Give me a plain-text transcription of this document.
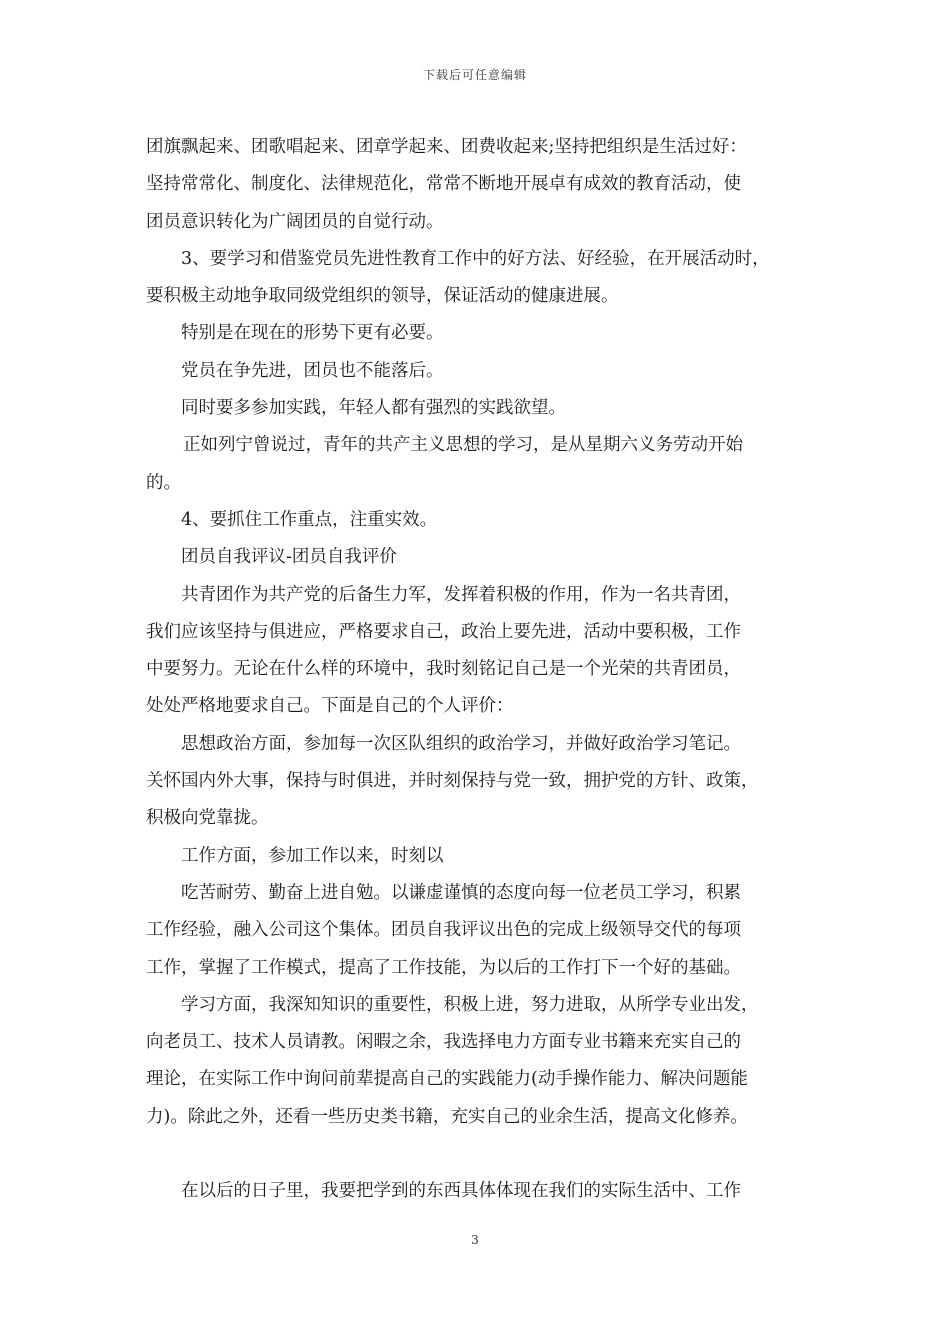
下载后可任意编辑
团旗飘起来、团歌唱起来、团章学起来、团费收起来;坚持把组织是生活过好：
坚持常常化、制度化、法律规范化，常常不断地开展卓有成效的教育活动，使
团员意识转化为广阔团员的自觉行动。
3、要学习和借鉴党员先进性教育工作中的好方法、好经验，在开展活动时，
要积极主动地争取同级党组织的领导，保证活动的健康进展。
特别是在现在的形势下更有必要。
党员在争先进，团员也不能落后。
同时要多参加实践，年轻人都有强烈的实践欲望。
正如列宁曾说过，青年的共产主义思想的学习，是从星期六义务劳动开始
的。
4、要抓住工作重点，注重实效。
团员自我评议-团员自我评价
共青团作为共产党的后备生力军，发挥着积极的作用，作为一名共青团，
我们应该坚持与俱进应，严格要求自己，政治上要先进，活动中要积极，工作
中要努力。无论在什么样的环境中，我时刻铭记自己是一个光荣的共青团员，
处处严格地要求自己。下面是自己的个人评价：
思想政治方面，参加每一次区队组织的政治学习，并做好政治学习笔记。
关怀国内外大事，保持与时俱进，并时刻保持与党一致，拥护党的方针、政策，
积极向党靠拢。
工作方面，参加工作以来，时刻以
吃苦耐劳、勤奋上进自勉。以谦虚谨慎的态度向每一位老员工学习，积累
工作经验，融入公司这个集体。团员自我评议出色的完成上级领导交代的每项
工作，掌握了工作模式，提高了工作技能，为以后的工作打下一个好的基础。
学习方面，我深知知识的重要性，积极上进，努力进取，从所学专业出发，
向老员工、技术人员请教。闲暇之余，我选择电力方面专业书籍来充实自己的
理论，在实际工作中询问前辈提高自己的实践能力(动手操作能力、解决问题能
力)。除此之外，还看一些历史类书籍，充实自己的业余生活，提高文化修养。
在以后的日子里，我要把学到的东西具体体现在我们的实际生活中、工作
3
